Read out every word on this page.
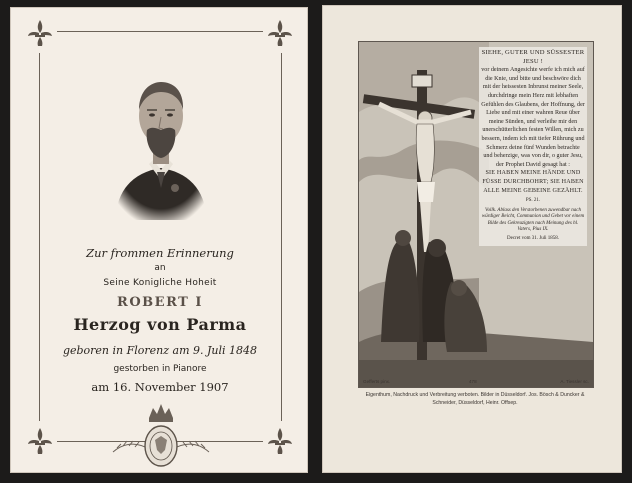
Zur frommen Erinnerung
an
Seine Konigliche Hoheit
ROBERT I
Herzog von Parma
geboren in Florenz am 9. Juli 1848
gestorben in Pianore
am 16. November 1907
SIEHE, GUTER UND SÜSSESTER JESU !
vor deinem Angesichte werfe ich mich auf die Knie, und bitte und beschwöre dich mit der heissesten Inbrunst meiner Seele, durchdringe mein Herz mit lebhaften Gefühlen des Glaubens, der Hoffnung, der Liebe und mit einer wahren Reue über meine Sünden, und verleihe mir den unerschütterlichen festen Willen, mich zu bessern, indem ich mit tiefer Rührung und Schmerz deine fünf Wunden betrachte und beherzige, was von dir, o guter Jesu, der Prophet David gesagt hat :
SIE HABEN MEINE HÄNDE UND FÜSSE DURCHBOHRT; SIE HABEN ALLE MEINE GEBEINE GEZÄHLT.
PS. 21.
Vollk. Ablass den Verstorbenen zuwendbar nach würdiger Beicht, Communion und Gebet vor einem Bilde des Gekreuzigten nach Meinung des hl. Vaters, Pius IX.
Decret vom 31. Juli 1858.
Gefferts pinx.	478	A. Tiessler sc.
Eigenthum, Nachdruck und Verbreitung verboten. Bilder in Düsseldorf. Jos. Bösch & Duncker & Schneider, Düsseldorf, Heinr. Offsep.
